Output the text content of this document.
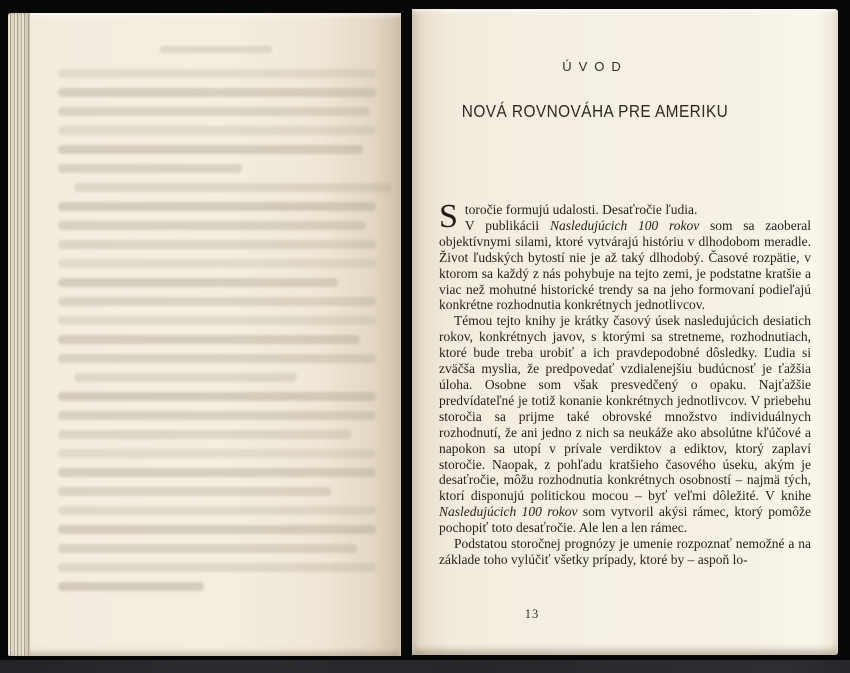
ÚVOD
NOVÁ ROVNOVÁHA PRE AMERIKU

Storočie formujú udalosti. Desaťročie ľudia.
V publikácii Nasledujúcich 100 rokov som sa zaoberal objektívnymi silami, ktoré vytvárajú históriu v dlhodobom meradle. Život ľudských bytostí nie je až taký dlhodobý. Časové rozpätie, v ktorom sa každý z nás pohybuje na tejto zemi, je podstatne kratšie a viac než mohutné historické trendy sa na jeho formovaní podieľajú konkrétne rozhodnutia konkrétnych jednotlivcov.

Témou tejto knihy je krátky časový úsek nasledujúcich desiatich rokov, konkrétnych javov, s ktorými sa stretneme, rozhodnutiach, ktoré bude treba urobiť a ich pravdepodobné dôsledky. Ľudia si zväčša myslia, že predpovedať vzdialenejšiu budúcnosť je ťažšia úloha. Osobne som však presvedčený o opaku. Najťažšie predvídateľné je totiž konanie konkrétnych jednotlivcov. V priebehu storočia sa prijme také obrovské množstvo individuálnych rozhodnutí, že ani jedno z nich sa neukáže ako absolútne kľúčové a napokon sa utopí v prívale verdiktov a ediktov, ktorý zaplaví storočie. Naopak, z pohľadu kratšieho časového úseku, akým je desaťročie, môžu rozhodnutia konkrétnych osobností – najmä tých, ktorí disponujú politickou mocou – byť veľmi dôležité. V knihe Nasledujúcich 100 rokov som vytvoril akýsi rámec, ktorý pomôže pochopiť toto desaťročie. Ale len a len rámec.

Podstatou storočnej prognózy je umenie rozpoznať nemožné a na základe toho vylúčiť všetky prípady, ktoré by – aspoň lo-

13
